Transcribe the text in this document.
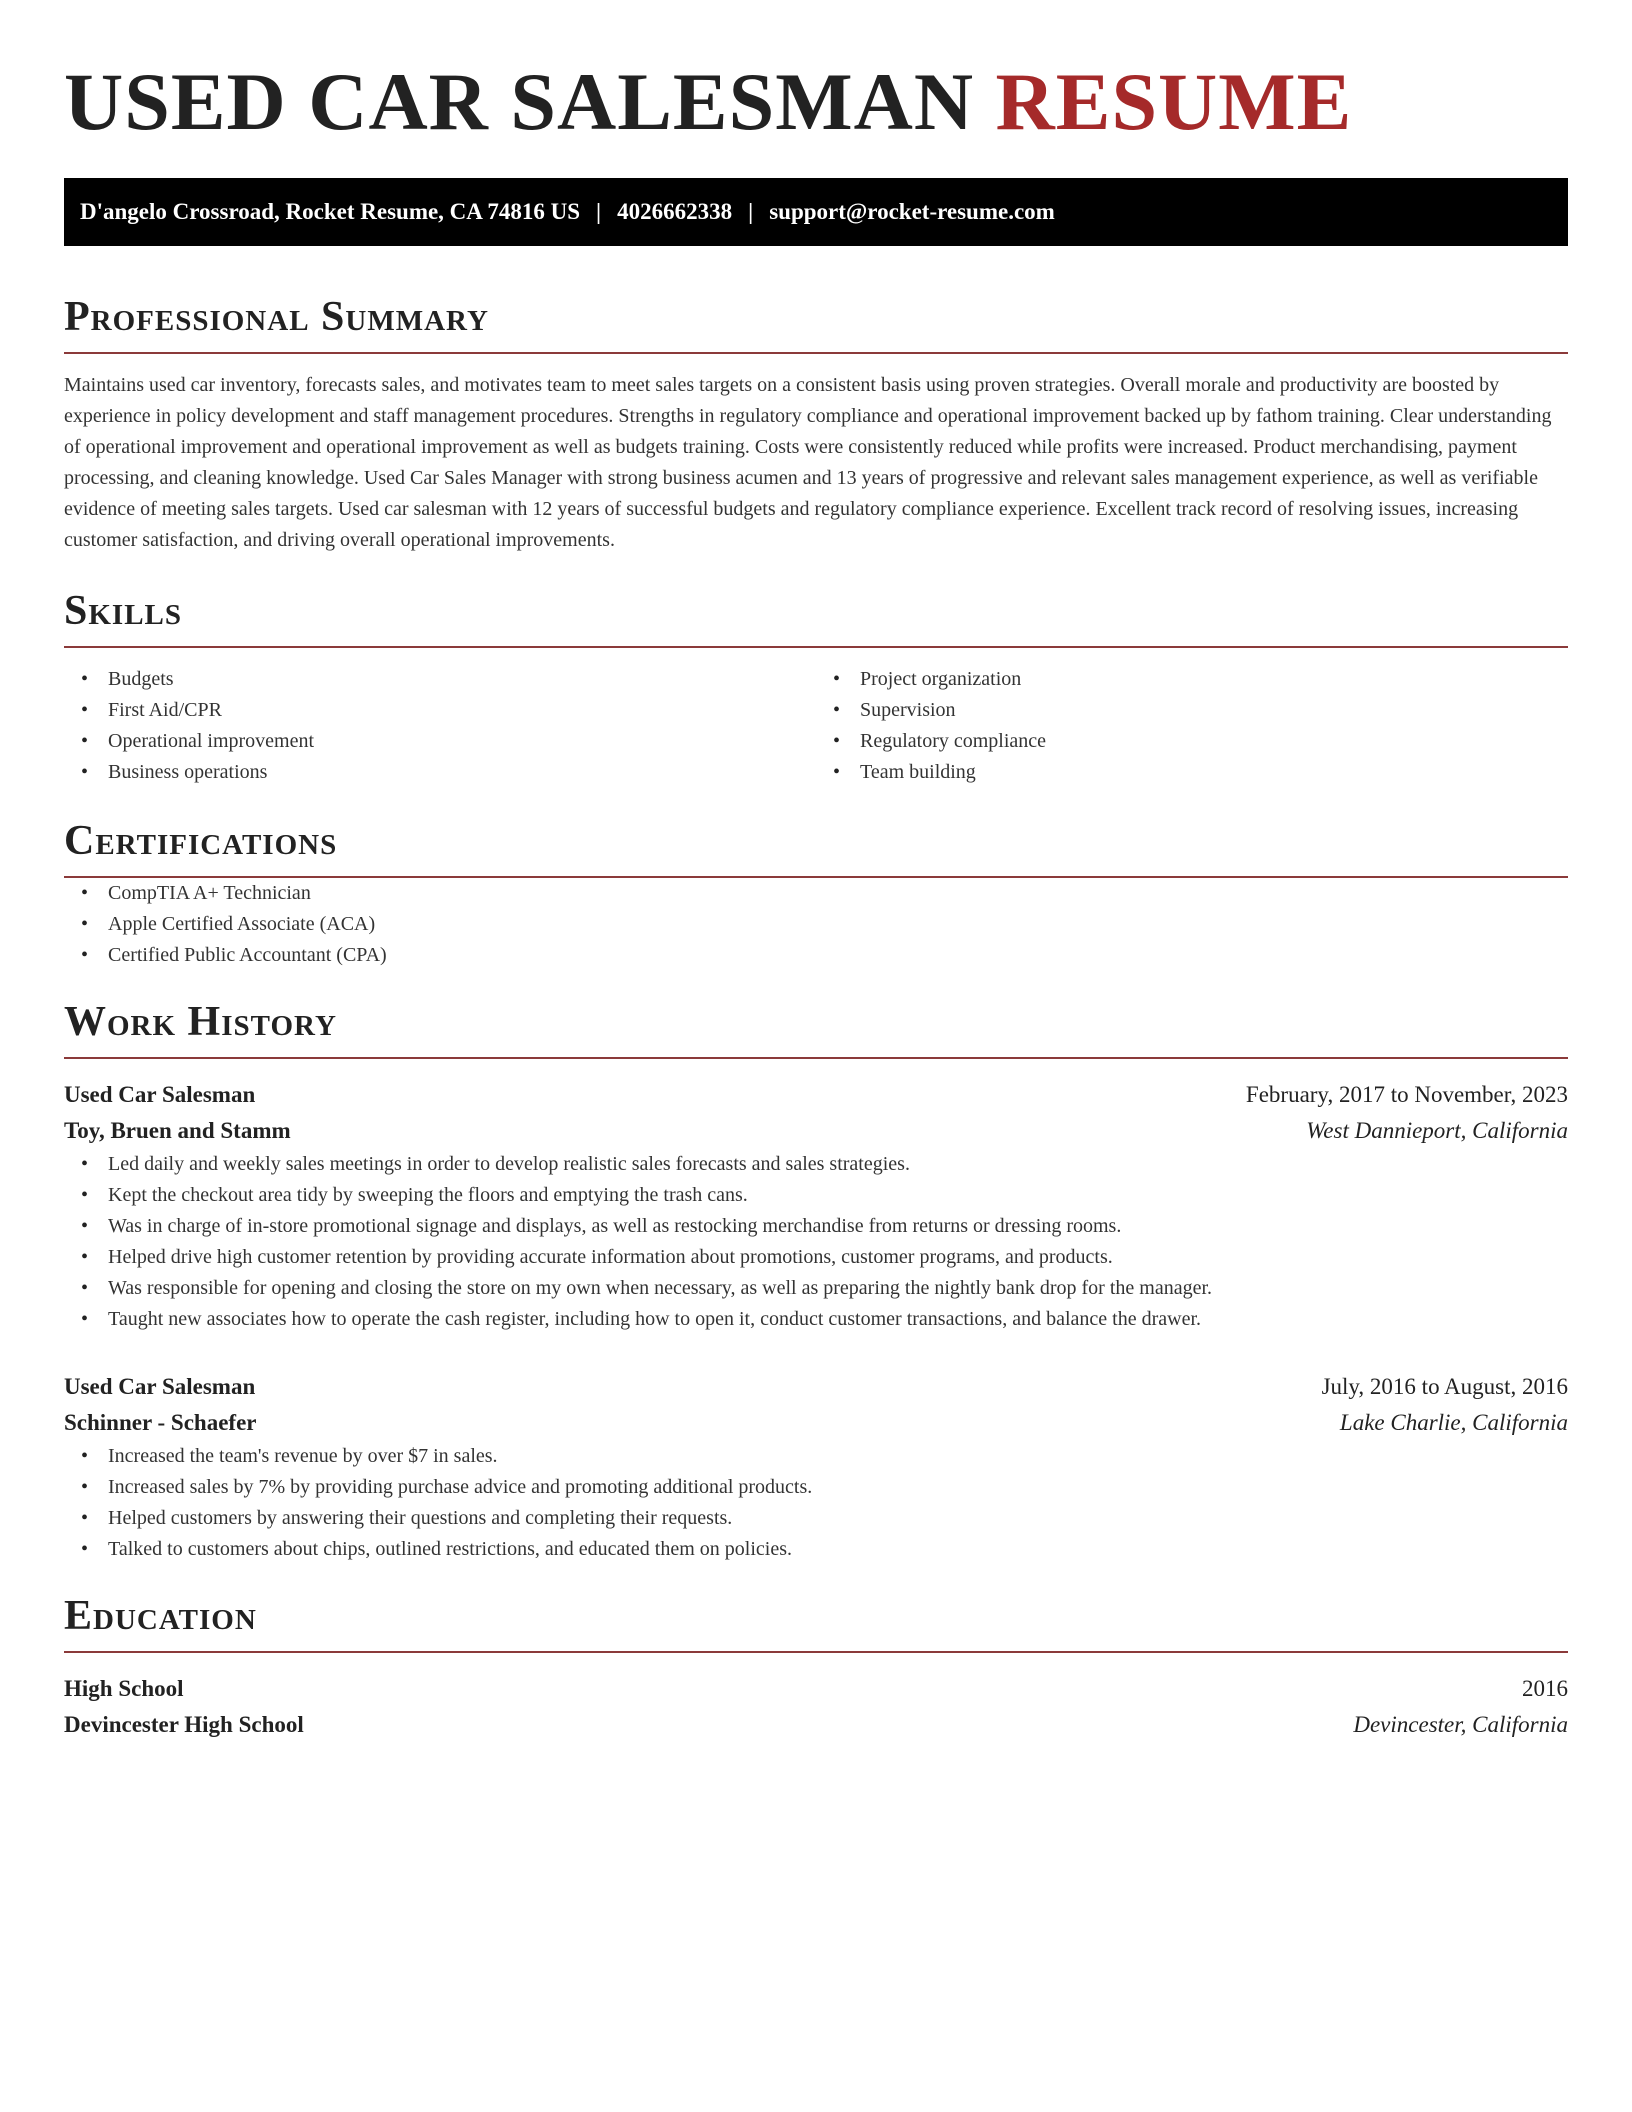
USED CAR SALESMAN RESUME
D'angelo Crossroad, Rocket Resume, CA 74816 US | 4026662338 | support@rocket-resume.com
Professional Summary

Maintains used car inventory, forecasts sales, and motivates team to meet sales targets on a consistent basis using proven strategies. Overall morale and productivity are boosted by experience in policy development and staff management procedures. Strengths in regulatory compliance and operational improvement backed up by fathom training. Clear understanding of operational improvement and operational improvement as well as budgets training. Costs were consistently reduced while profits were increased. Product merchandising, payment processing, and cleaning knowledge. Used Car Sales Manager with strong business acumen and 13 years of progressive and relevant sales management experience, as well as verifiable evidence of meeting sales targets. Used car salesman with 12 years of successful budgets and regulatory compliance experience. Excellent track record of resolving issues, increasing customer satisfaction, and driving overall operational improvements.

Skills
• Budgets
• First Aid/CPR
• Operational improvement
• Business operations
• Project organization
• Supervision
• Regulatory compliance
• Team building
Certifications
• CompTIA A+ Technician
• Apple Certified Associate (ACA)
• Certified Public Accountant (CPA)
Work History
Used Car Salesman	February, 2017 to November, 2023
Toy, Bruen and Stamm	West Dannieport, California
• Led daily and weekly sales meetings in order to develop realistic sales forecasts and sales strategies.
• Kept the checkout area tidy by sweeping the floors and emptying the trash cans.
• Was in charge of in-store promotional signage and displays, as well as restocking merchandise from returns or dressing rooms.
• Helped drive high customer retention by providing accurate information about promotions, customer programs, and products.
• Was responsible for opening and closing the store on my own when necessary, as well as preparing the nightly bank drop for the manager.
• Taught new associates how to operate the cash register, including how to open it, conduct customer transactions, and balance the drawer.
Used Car Salesman	July, 2016 to August, 2016
Schinner - Schaefer	Lake Charlie, California
• Increased the team's revenue by over $7 in sales.
• Increased sales by 7% by providing purchase advice and promoting additional products.
• Helped customers by answering their questions and completing their requests.
• Talked to customers about chips, outlined restrictions, and educated them on policies.
Education
High School	2016
Devincester High School	Devincester, California
